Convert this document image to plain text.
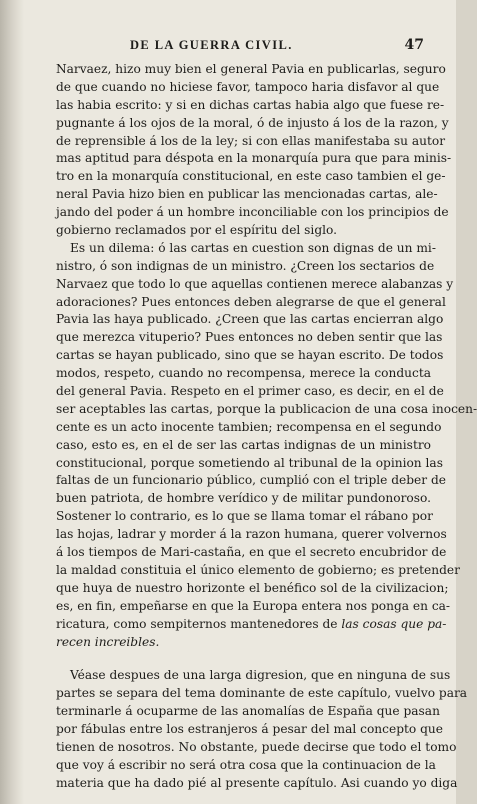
DE LA GUERRA CIVIL.	47
Narvaez, hizo muy bien el general Pavia en publicarlas, seguro
de que cuando no hiciese favor, tampoco haria disfavor al que
las habia escrito: y si en dichas cartas habia algo que fuese re-
pugnante á los ojos de la moral, ó de injusto á los de la razon, y
de reprensible á los de la ley; si con ellas manifestaba su autor
mas aptitud para déspota en la monarquía pura que para minis-
tro en la monarquía constitucional, en este caso tambien el ge-
neral Pavia hizo bien en publicar las mencionadas cartas, ale-
jando del poder á un hombre inconciliable con los principios de
gobierno reclamados por el espíritu del siglo.
Es un dilema: ó las cartas en cuestion son dignas de un mi-
nistro, ó son indignas de un ministro. ¿Creen los sectarios de
Narvaez que todo lo que aquellas contienen merece alabanzas y
adoraciones? Pues entonces deben alegrarse de que el general
Pavia las haya publicado. ¿Creen que las cartas encierran algo
que merezca vituperio? Pues entonces no deben sentir que las
cartas se hayan publicado, sino que se hayan escrito. De todos
modos, respeto, cuando no recompensa, merece la conducta
del general Pavia. Respeto en el primer caso, es decir, en el de
ser aceptables las cartas, porque la publicacion de una cosa inocen-
cente es un acto inocente tambien; recompensa en el segundo
caso, esto es, en el de ser las cartas indignas de un ministro
constitucional, porque sometiendo al tribunal de la opinion las
faltas de un funcionario público, cumplió con el triple deber de
buen patriota, de hombre verídico y de militar pundonoroso.
Sostener lo contrario, es lo que se llama tomar el rábano por
las hojas, ladrar y morder á la razon humana, querer volvernos
á los tiempos de Mari-castaña, en que el secreto encubridor de
la maldad constituia el único elemento de gobierno; es pretender
que huya de nuestro horizonte el benéfico sol de la civilizacion;
es, en fin, empeñarse en que la Europa entera nos ponga en ca-
ricatura, como sempiternos mantenedores de las cosas que pa-
recen increibles.
Véase despues de una larga digresion, que en ninguna de sus
partes se separa del tema dominante de este capítulo, vuelvo para
terminarle á ocuparme de las anomalías de España que pasan
por fábulas entre los estranjeros á pesar del mal concepto que
tienen de nosotros. No obstante, puede decirse que todo el tomo
que voy á escribir no será otra cosa que la continuacion de la
materia que ha dado pié al presente capítulo. Asi cuando yo diga
